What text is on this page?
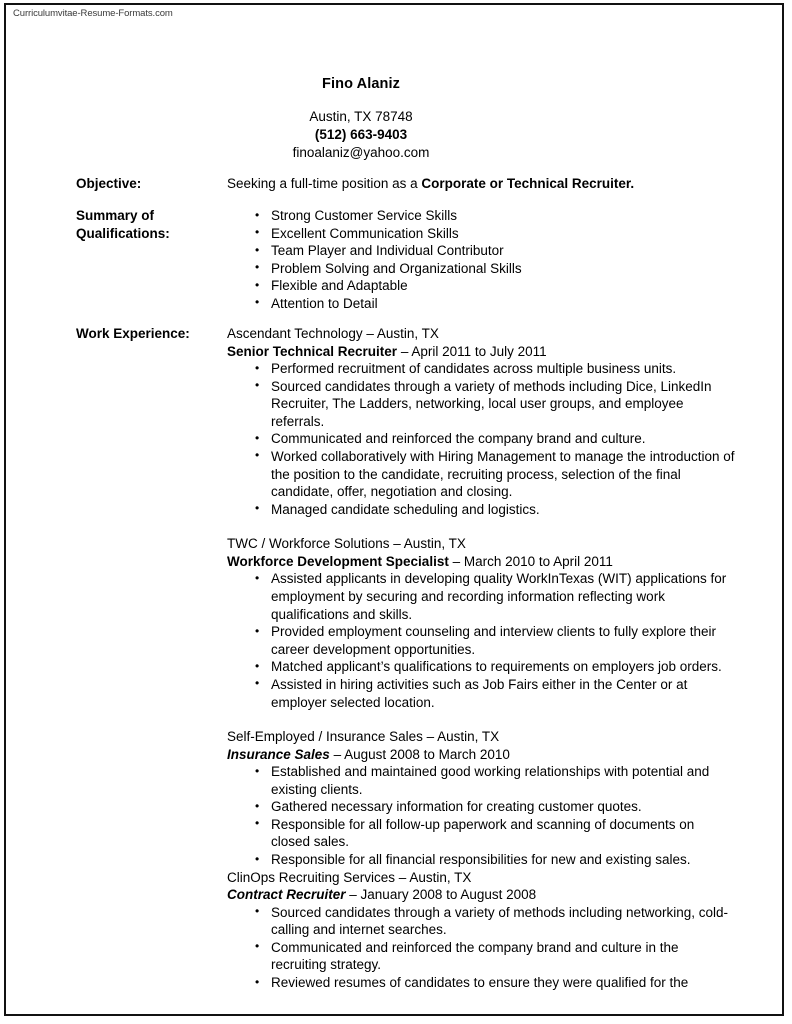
Curriculumvitae-Resume-Formats.com
Fino Alaniz
Austin, TX 78748
(512) 663-9403
finoalaniz@yahoo.com
Objective:	Seeking a full-time position as a Corporate or Technical Recruiter.
Summary of
Qualifications:
• Strong Customer Service Skills
• Excellent Communication Skills
• Team Player and Individual Contributor
• Problem Solving and Organizational Skills
• Flexible and Adaptable
• Attention to Detail
Work Experience:	Ascendant Technology – Austin, TX
Senior Technical Recruiter – April 2011 to July 2011
• Performed recruitment of candidates across multiple business units.
• Sourced candidates through a variety of methods including Dice, LinkedIn Recruiter, The Ladders, networking, local user groups, and employee referrals.
• Communicated and reinforced the company brand and culture.
• Worked collaboratively with Hiring Management to manage the introduction of the position to the candidate, recruiting process, selection of the final candidate, offer, negotiation and closing.
• Managed candidate scheduling and logistics.
TWC / Workforce Solutions – Austin, TX
Workforce Development Specialist – March 2010 to April 2011
• Assisted applicants in developing quality WorkInTexas (WIT) applications for employment by securing and recording information reflecting work qualifications and skills.
• Provided employment counseling and interview clients to fully explore their career development opportunities.
• Matched applicant’s qualifications to requirements on employers job orders.
• Assisted in hiring activities such as Job Fairs either in the Center or at employer selected location.
Self-Employed / Insurance Sales – Austin, TX
Insurance Sales – August 2008 to March 2010
• Established and maintained good working relationships with potential and existing clients.
• Gathered necessary information for creating customer quotes.
• Responsible for all follow-up paperwork and scanning of documents on closed sales.
• Responsible for all financial responsibilities for new and existing sales.
ClinOps Recruiting Services – Austin, TX
Contract Recruiter – January 2008 to August 2008
• Sourced candidates through a variety of methods including networking, cold-calling and internet searches.
• Communicated and reinforced the company brand and culture in the recruiting strategy.
• Reviewed resumes of candidates to ensure they were qualified for the
